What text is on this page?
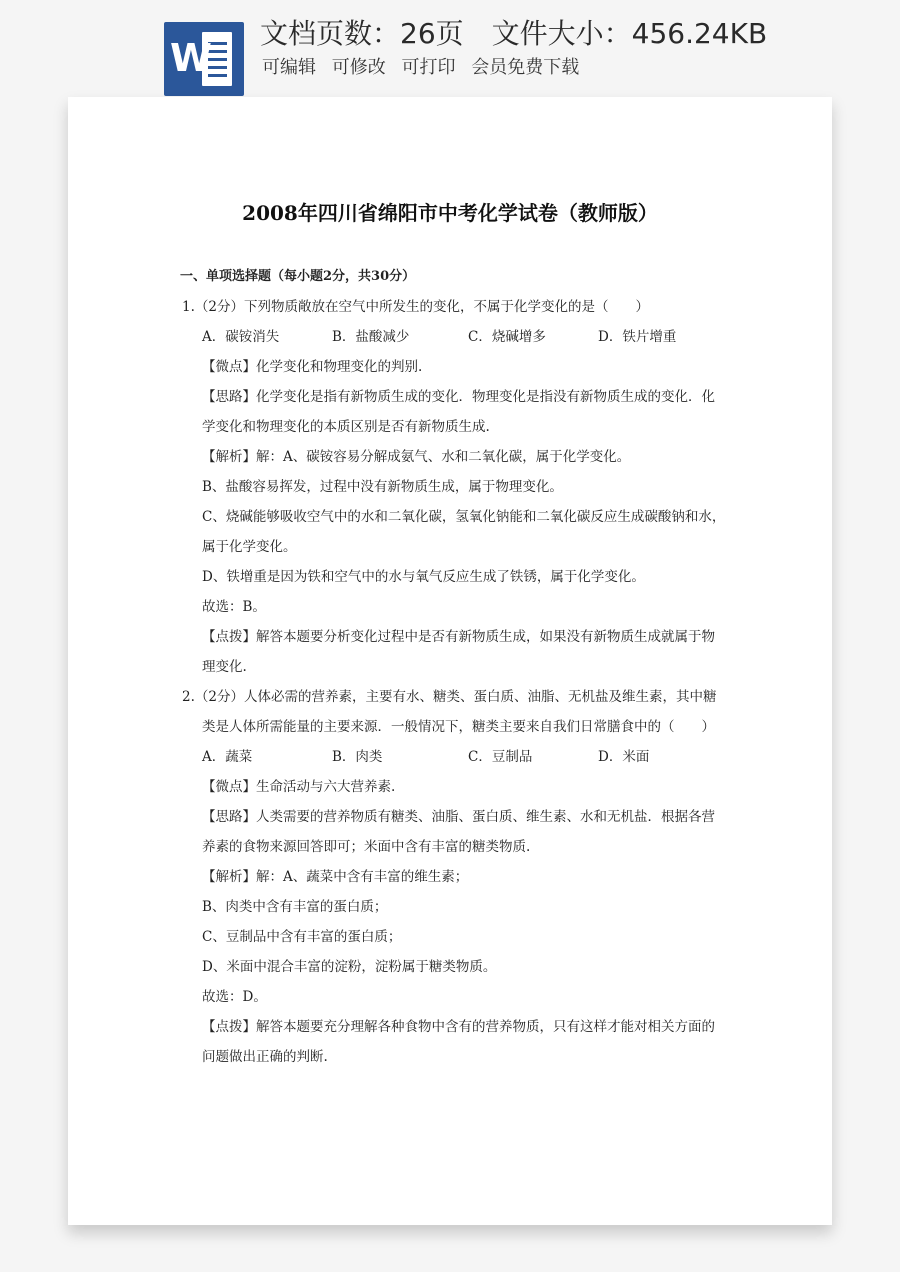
W
文档页数：26页 文件大小：456.24KB
可编辑 可修改 可打印 会员免费下载
2008年四川省绵阳市中考化学试卷（教师版）
一、单项选择题（每小题2分，共30分）
1.（2分）下列物质敞放在空气中所发生的变化，不属于化学变化的是（　　）
A．碳铵消失	B．盐酸减少	C．烧碱增多	D．铁片增重
【微点】化学变化和物理变化的判别.
【思路】化学变化是指有新物质生成的变化．物理变化是指没有新物质生成的变化．化
学变化和物理变化的本质区别是否有新物质生成.
【解析】解：A、碳铵容易分解成氨气、水和二氧化碳，属于化学变化。
B、盐酸容易挥发，过程中没有新物质生成，属于物理变化。
C、烧碱能够吸收空气中的水和二氧化碳，氢氧化钠能和二氧化碳反应生成碳酸钠和水，
属于化学变化。
D、铁增重是因为铁和空气中的水与氧气反应生成了铁锈，属于化学变化。
故选：B。
【点拨】解答本题要分析变化过程中是否有新物质生成，如果没有新物质生成就属于物
理变化.
2.（2分）人体必需的营养素，主要有水、糖类、蛋白质、油脂、无机盐及维生素，其中糖
类是人体所需能量的主要来源．一般情况下，糖类主要来自我们日常膳食中的（　　）
A．蔬菜	B．肉类	C．豆制品	D．米面
【微点】生命活动与六大营养素.
【思路】人类需要的营养物质有糖类、油脂、蛋白质、维生素、水和无机盐．根据各营
养素的食物来源回答即可；米面中含有丰富的糖类物质.
【解析】解：A、蔬菜中含有丰富的维生素；
B、肉类中含有丰富的蛋白质；
C、豆制品中含有丰富的蛋白质；
D、米面中混合丰富的淀粉，淀粉属于糖类物质。
故选：D。
【点拨】解答本题要充分理解各种食物中含有的营养物质，只有这样才能对相关方面的
问题做出正确的判断.
